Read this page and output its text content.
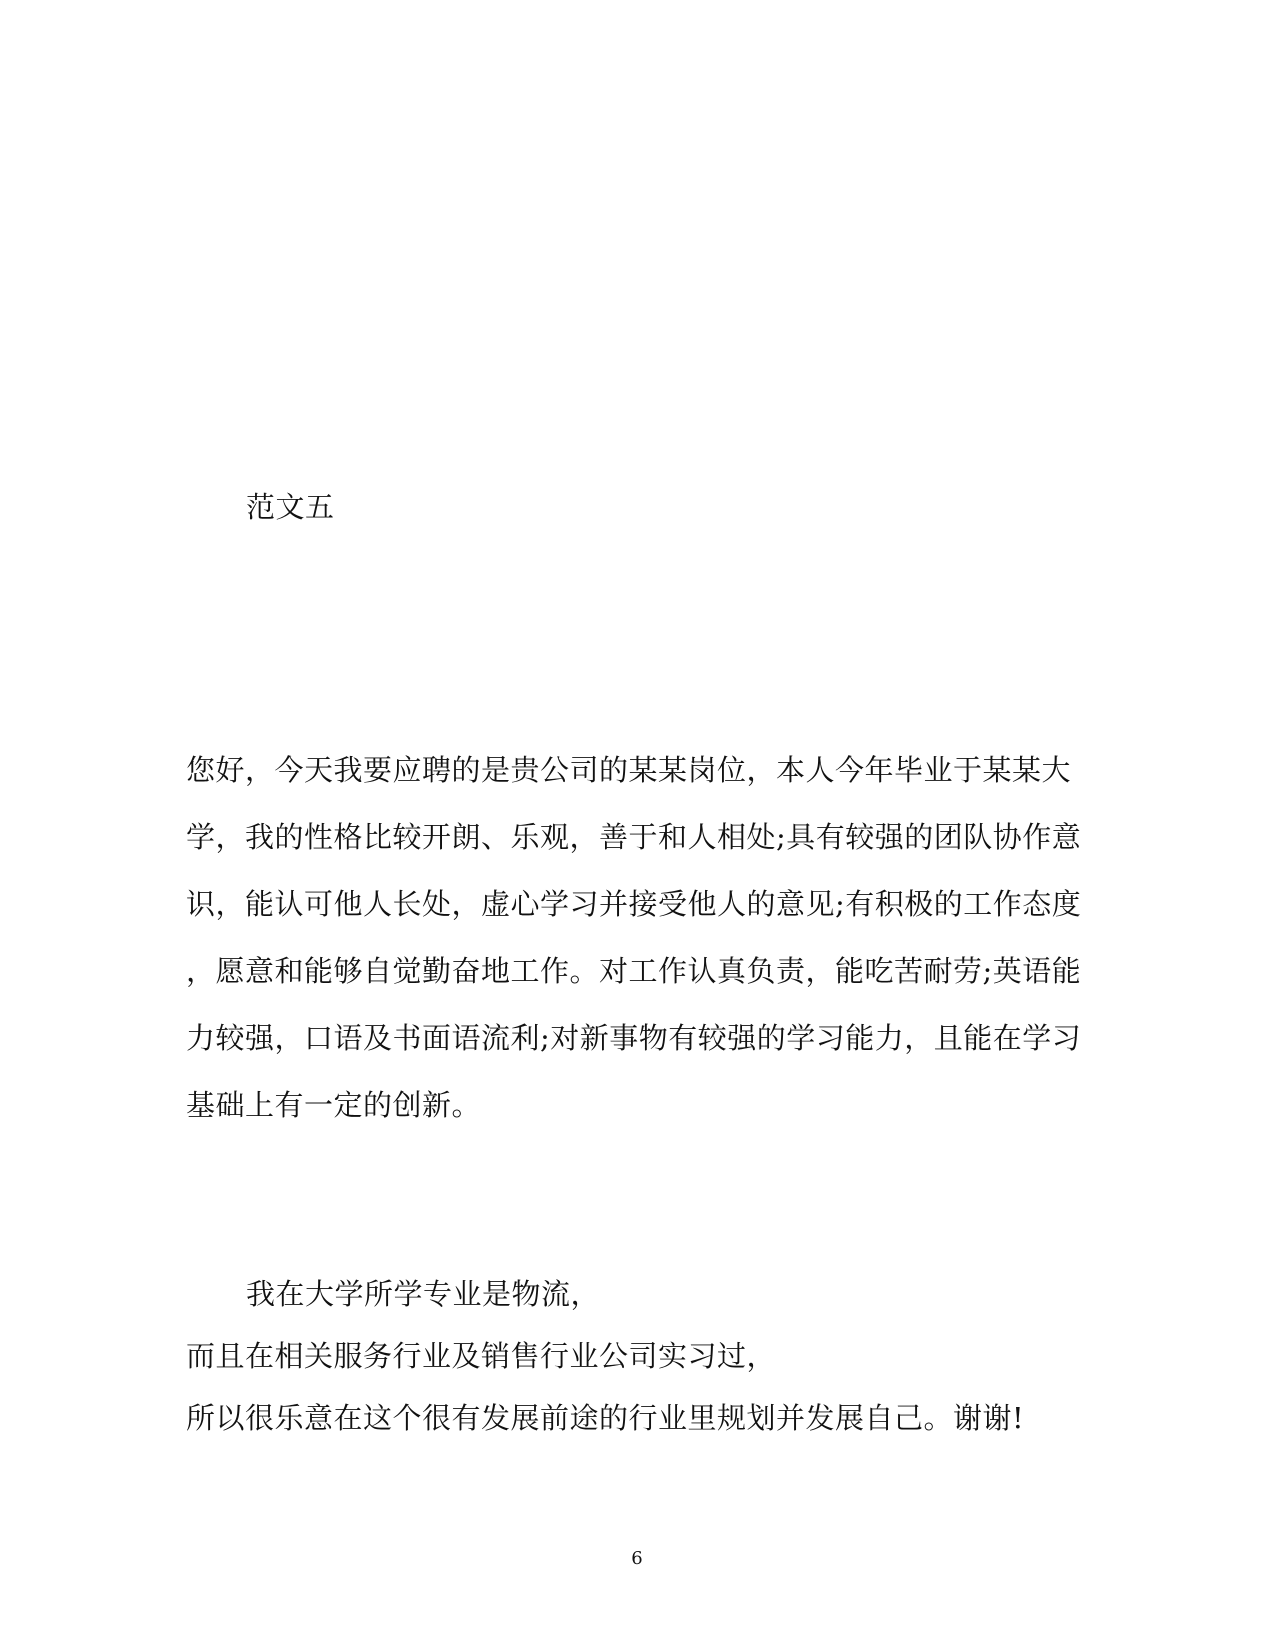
范文五
您好，今天我要应聘的是贵公司的某某岗位，本人今年毕业于某某大
学，我的性格比较开朗、乐观，善于和人相处;具有较强的团队协作意
识，能认可他人长处，虚心学习并接受他人的意见;有积极的工作态度
，愿意和能够自觉勤奋地工作。对工作认真负责，能吃苦耐劳;英语能
力较强，口语及书面语流利;对新事物有较强的学习能力，且能在学习
基础上有一定的创新。
我在大学所学专业是物流，
而且在相关服务行业及销售行业公司实习过，
所以很乐意在这个很有发展前途的行业里规划并发展自己。谢谢!
6
